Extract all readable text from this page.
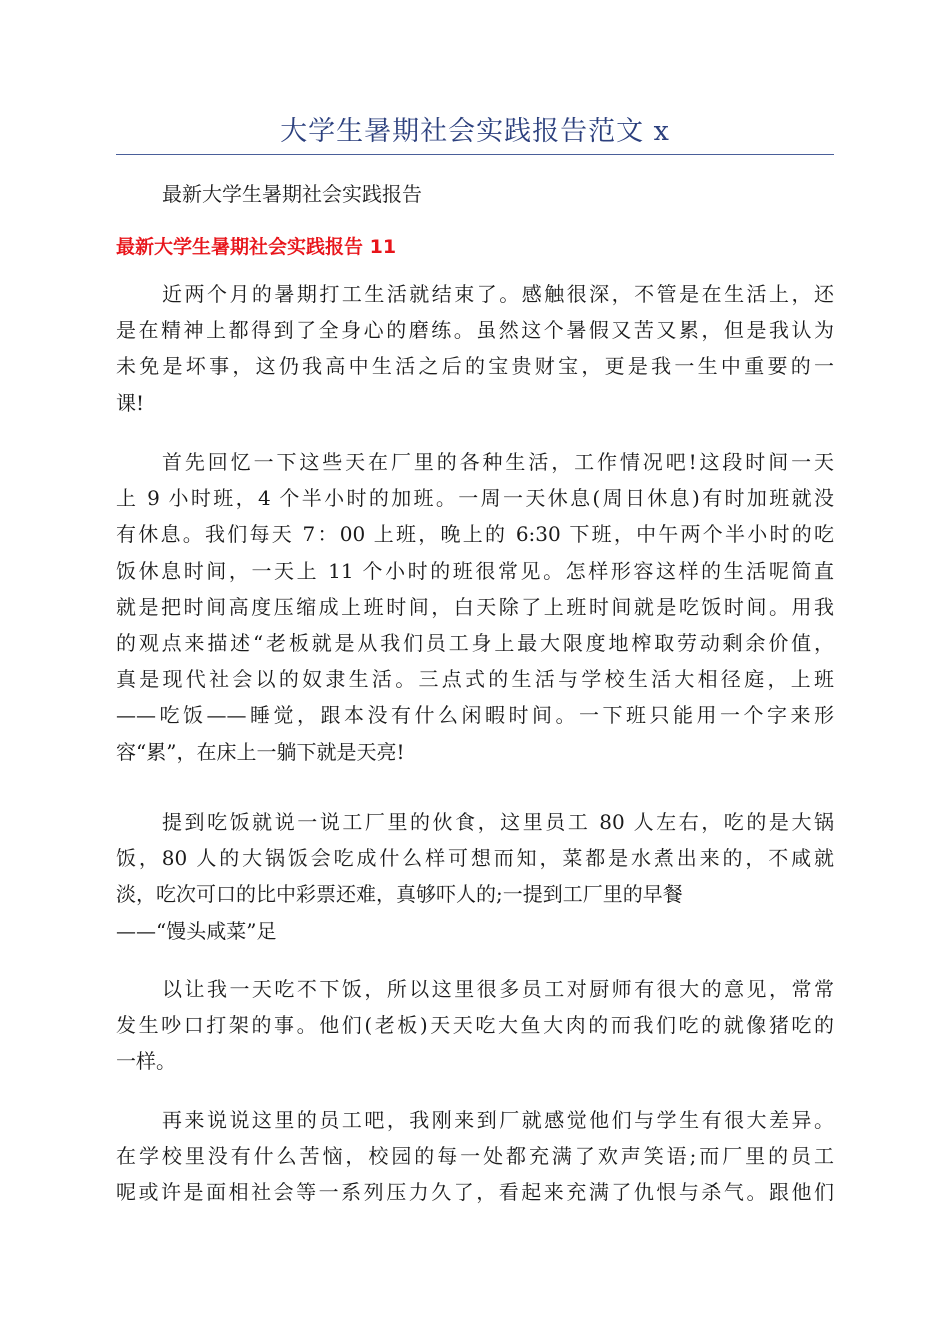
大学生暑期社会实践报告范文 x
最新大学生暑期社会实践报告
最新大学生暑期社会实践报告 11
近两个月的暑期打工生活就结束了。感触很深，不管是在生活上，还
是在精神上都得到了全身心的磨练。虽然这个暑假又苦又累，但是我认为
未免是坏事，这仍我高中生活之后的宝贵财宝，更是我一生中重要的一
课!
首先回忆一下这些天在厂里的各种生活，工作情况吧!这段时间一天
上 9 小时班，4 个半小时的加班。一周一天休息(周日休息)有时加班就没
有休息。我们每天 7：00 上班，晚上的 6:30 下班，中午两个半小时的吃
饭休息时间，一天上 11 个小时的班很常见。怎样形容这样的生活呢简直
就是把时间高度压缩成上班时间，白天除了上班时间就是吃饭时间。用我
的观点来描述“老板就是从我们员工身上最大限度地榨取劳动剩余价值，
真是现代社会以的奴隶生活。三点式的生活与学校生活大相径庭，上班
——吃饭——睡觉，跟本没有什么闲暇时间。一下班只能用一个字来形
容“累”，在床上一躺下就是天亮!
提到吃饭就说一说工厂里的伙食，这里员工 80 人左右，吃的是大锅
饭，80 人的大锅饭会吃成什么样可想而知，菜都是水煮出来的，不咸就
淡，吃次可口的比中彩票还难，真够吓人的;一提到工厂里的早餐
——“馒头咸菜”足
以让我一天吃不下饭，所以这里很多员工对厨师有很大的意见，常常
发生吵口打架的事。他们(老板)天天吃大鱼大肉的而我们吃的就像猪吃的
一样。
再来说说这里的员工吧，我刚来到厂就感觉他们与学生有很大差异。
在学校里没有什么苦恼，校园的每一处都充满了欢声笑语;而厂里的员工
呢或许是面相社会等一系列压力久了，看起来充满了仇恨与杀气。跟他们
